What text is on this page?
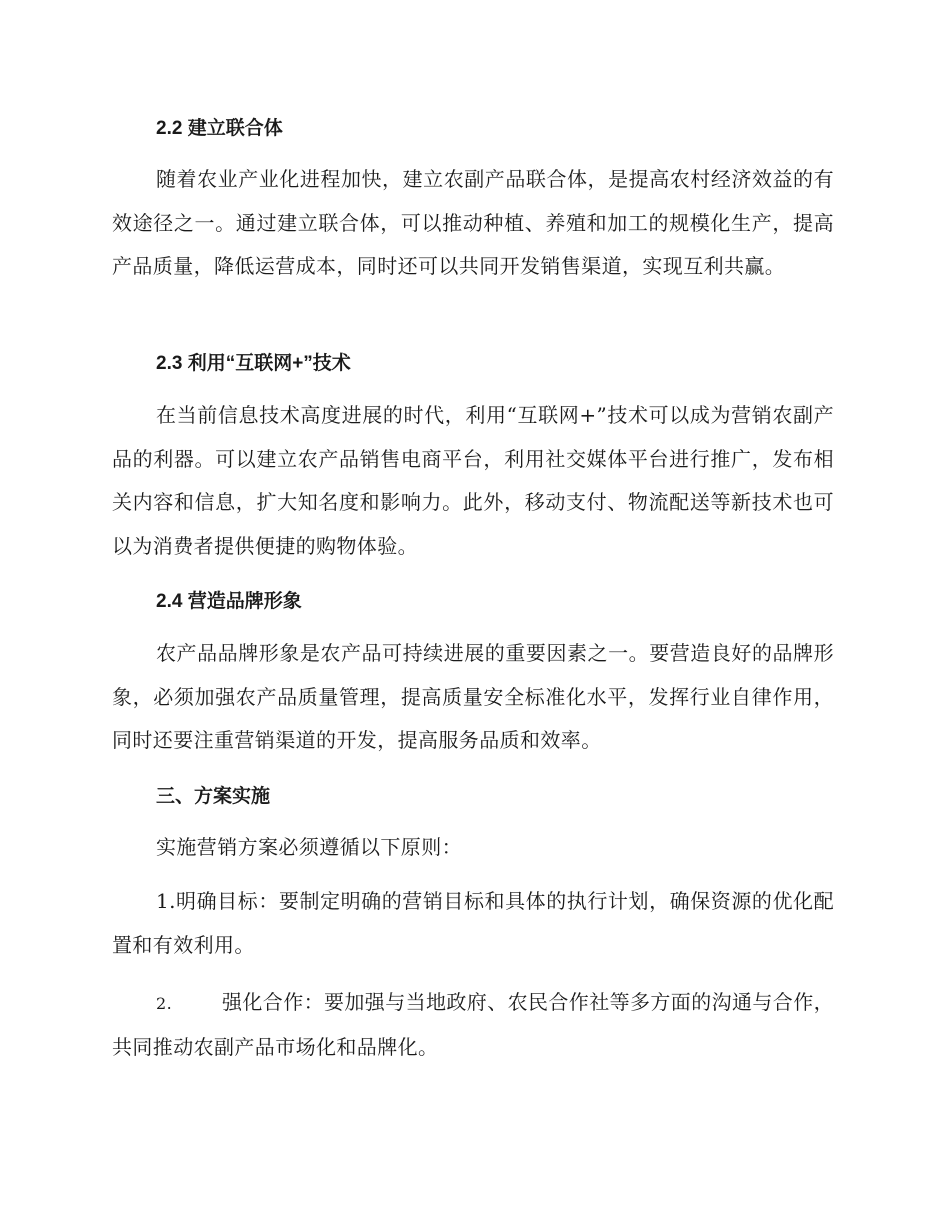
2.2 建立联合体
随着农业产业化进程加快，建立农副产品联合体，是提高农村经济效益的有效途径之一。通过建立联合体，可以推动种植、养殖和加工的规模化生产，提高产品质量，降低运营成本，同时还可以共同开发销售渠道，实现互利共赢。
2.3 利用“互联网+”技术
在当前信息技术高度进展的时代，利用“互联网+”技术可以成为营销农副产品的利器。可以建立农产品销售电商平台，利用社交媒体平台进行推广，发布相关内容和信息，扩大知名度和影响力。此外，移动支付、物流配送等新技术也可以为消费者提供便捷的购物体验。
2.4 营造品牌形象
农产品品牌形象是农产品可持续进展的重要因素之一。要营造良好的品牌形象，必须加强农产品质量管理，提高质量安全标准化水平，发挥行业自律作用，同时还要注重营销渠道的开发，提高服务品质和效率。
三、方案实施
实施营销方案必须遵循以下原则：
1.明确目标：要制定明确的营销目标和具体的执行计划，确保资源的优化配置和有效利用。
2. 强化合作：要加强与当地政府、农民合作社等多方面的沟通与合作，共同推动农副产品市场化和品牌化。
